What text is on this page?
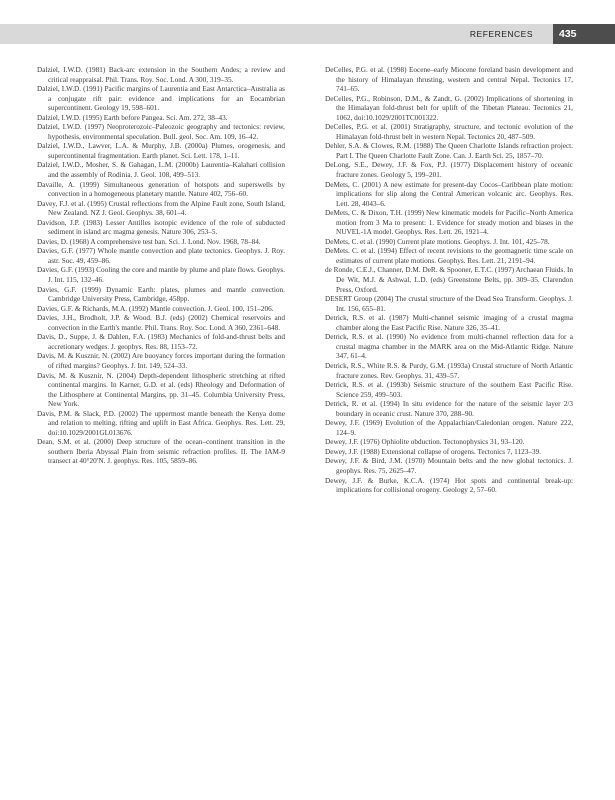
REFERENCES	435

Dalziel, I.W.D. (1981) Back-arc extension in the Southern Andes; a review and critical reappraisal. Phil. Trans. Roy. Soc. Lond. A 300, 319–35.

Dalziel, I.W.D. (1991) Pacific margins of Laurentia and East Antarctica–Australia as a conjugate rift pair: evidence and implications for an Eocambrian supercontinent. Geology 19, 598–601.

Dalziel, I.W.D. (1995) Earth before Pangea. Sci. Am. 272, 38–43.

Dalziel, I.W.D. (1997) Neoproterozoic–Paleozoic geography and tectonics: review, hypothesis, environmental speculation. Bull. geol. Soc. Am. 109, 16–42.

Dalziel, I.W.D., Lawver, L.A. & Murphy, J.B. (2000a) Plumes, orogenesis, and supercontinental fragmentation. Earth planet. Sci. Lett. 178, 1–11.

Dalziel, I.W.D., Mosher, S. & Gahagan, L.M. (2000b) Laurentia–Kalahari collision and the assembly of Rodinia. J. Geol. 108, 499–513.

Davaille, A. (1999) Simultaneous generation of hotspots and superswells by convection in a homogeneous planetary mantle. Nature 402, 756–60.

Davey, F.J. et al. (1995) Crustal reflections from the Alpine Fault zone, South Island, New Zealand. NZ J. Geol. Geophys. 38, 601–4.

Davidson, J.P. (1983) Lesser Antilles isotopic evidence of the role of subducted sediment in island arc magma genesis. Nature 306, 253–5.

Davies, D. (1968) A comprehensive test ban. Sci. J. Lond. Nov. 1968, 78–84.

Davies, G.F. (1977) Whole mantle convection and plate tectonics. Geophys. J. Roy. astr. Soc. 49, 459–86.

Davies, G.F. (1993) Cooling the core and mantle by plume and plate flows. Geophys. J. Int. 115, 132–46.

Davies, G.F. (1999) Dynamic Earth: plates, plumes and mantle convection. Cambridge University Press, Cambridge, 458pp.

Davies, G.F. & Richards, M.A. (1992) Mantle convection. J. Geol. 100, 151–206.

Davies, J.H., Brodholt, J.P. & Wood. B.J. (eds) (2002) Chemical reservoirs and convection in the Earth's mantle. Phil. Trans. Roy. Soc. Lond. A 360, 2361–648.

Davis, D., Suppe, J. & Dahlen, F.A. (1983) Mechanics of fold-and-thrust belts and accretionary wedges. J. geophys. Res. 88, 1153–72.

Davis, M. & Kusznir, N. (2002) Are buoyancy forces important during the formation of rifted margins? Geophys. J. Int. 149, 524–33.

Davis, M. & Kusznir, N. (2004) Depth-dependent lithospheric stretching at rifted continental margins. In Karner, G.D. et al. (eds) Rheology and Deformation of the Lithosphere at Continental Margins, pp. 31–45. Columbia University Press, New York.

Davis, P.M. & Slack, P.D. (2002) The uppermost mantle beneath the Kenya dome and relation to melting, rifting and uplift in East Africa. Geophys. Res. Lett. 29, doi:10.1029/2001GL013676.

Dean, S.M. et al. (2000) Deep structure of the ocean–continent transition in the southern Iberia Abyssal Plain from seismic refraction profiles. II. The IAM-9 transect at 40°20′N. J. geophys. Res. 105, 5859–86.

DeCelles, P.G. et al. (1998) Eocene–early Miocene foreland basin development and the history of Himalayan thrusting, western and central Nepal. Tectonics 17, 741–65.

DeCelles, P.G., Robinson, D.M., & Zandt, G. (2002) Implications of shortening in the Himalayan fold-thrust belt for uplift of the Tibetan Plateau. Tectonics 21, 1062, doi:10.1029/2001TC001322.

DeCelles, P.G. et al. (2001) Stratigraphy, structure, and tectonic evolution of the Himalayan fold-thrust belt in western Nepal. Tectonics 20, 487–509.

Dehler, S.A. & Clowes, R.M. (1988) The Queen Charlotte Islands refraction project. Part I. The Queen Charlotte Fault Zone. Can. J. Earth Sci. 25, 1857–70.

DeLong, S.E., Dewey, J.F. & Fox, P.J. (1977) Displacement history of oceanic fracture zones. Geology 5, 199–201.

DeMets, C. (2001) A new estimate for present-day Cocos–Caribbean plate motion: implications for slip along the Central American volcanic arc. Geophys. Res. Lett. 28, 4043–6.

DeMets, C. & Dixon, T.H. (1999) New kinematic models for Pacific–North America motion from 3 Ma to present: 1. Evidence for steady motion and biases in the NUVEL-1A model. Geophys. Res. Lett. 26, 1921–4.

DeMets, C. et al. (1990) Current plate motions. Geophys. J. Int. 101, 425–78.

DeMets. C. et al. (1994) Effect of recent revisions to the geomagnetic time scale on estimates of current plate motions. Geophys. Res. Lett. 21, 2191–94.

de Ronde, C.E.J., Channer, D.M. DeR. & Spooner, E.T.C. (1997) Archaean Fluids. In De Wit, M.J. & Ashwal, L.D. (eds) Greenstone Belts, pp. 309–35. Clarendon Press, Oxford.

DESERT Group (2004) The crustal structure of the Dead Sea Transform. Geophys. J. Int. 156, 655–81.

Detrick, R.S. et al. (1987) Multi-channel seismic imaging of a crustal magma chamber along the East Pacific Rise. Nature 326, 35–41.

Detrick, R.S. et al. (1990) No evidence from multi-channel reflection data for a crustal magma chamber in the MARK area on the Mid-Atlantic Ridge. Nature 347, 61–4.

Detrick, R.S., White R.S. & Purdy, G.M. (1993a) Crustal structure of North Atlantic fracture zones. Rev. Geophys. 31, 439–57.

Detrick, R.S. et al. (1993b) Seismic structure of the southern East Pacific Rise. Science 259, 499–503.

Detrick, R. et al. (1994) In situ evidence for the nature of the seismic layer 2/3 boundary in oceanic crust. Nature 370, 288–90.

Dewey, J.F. (1969) Evolution of the Appalachian/Caledonian orogen. Nature 222, 124–9.

Dewey, J.F. (1976) Ophiolite obduction. Tectonophysics 31, 93–120.

Dewey, J.F. (1988) Extensional collapse of orogens. Tectonics 7, 1123–39.

Dewey, J.F. & Bird, J.M. (1970) Mountain belts and the new global tectonics. J. geophys. Res. 75, 2625–47.

Dewey, J.F. & Burke, K.C.A. (1974) Hot spots and continental break-up: implications for collisional orogeny. Geology 2, 57–60.
